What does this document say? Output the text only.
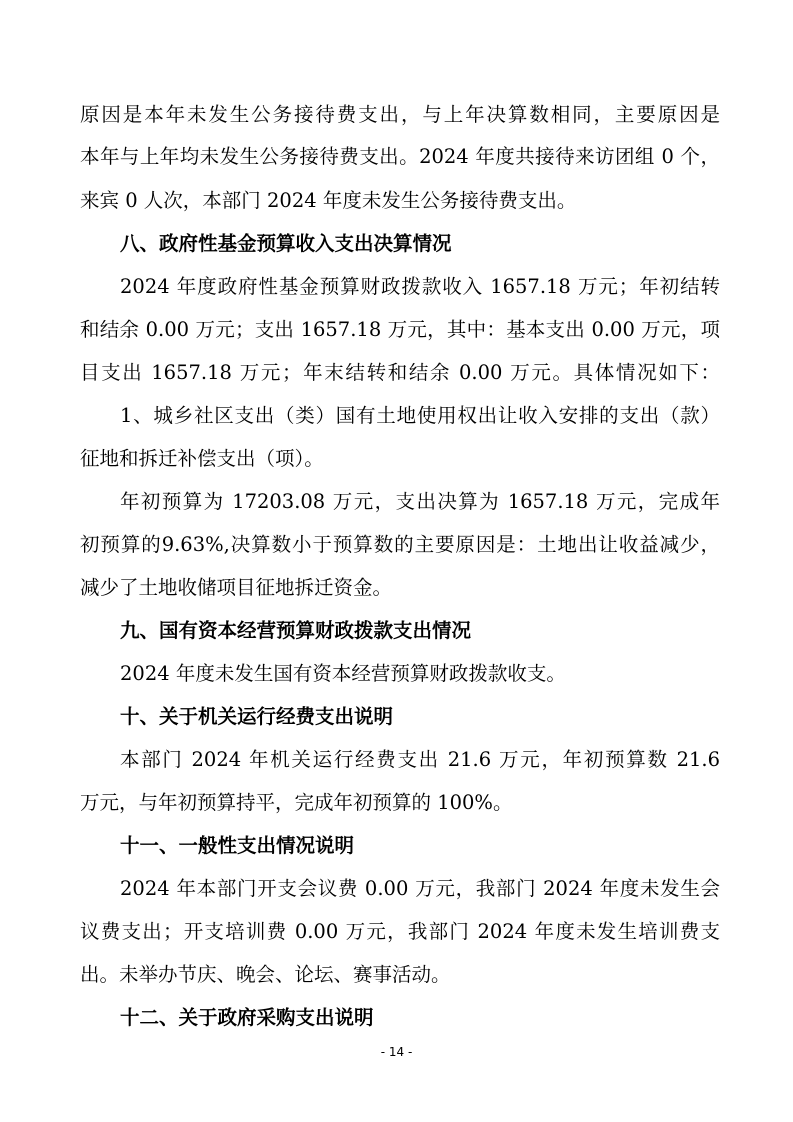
原因是本年未发生公务接待费支出，与上年决算数相同，主要原因是
本年与上年均未发生公务接待费支出。2024 年度共接待来访团组 0 个，
来宾 0 人次，本部门 2024 年度未发生公务接待费支出。
八、政府性基金预算收入支出决算情况
2024 年度政府性基金预算财政拨款收入 1657.18 万元；年初结转
和结余 0.00 万元；支出 1657.18 万元，其中：基本支出 0.00 万元，项
目支出 1657.18 万元；年末结转和结余 0.00 万元。具体情况如下：
1、城乡社区支出（类）国有土地使用权出让收入安排的支出（款）
征地和拆迁补偿支出（项）。
年初预算为 17203.08 万元，支出决算为 1657.18 万元，完成年
初预算的9.63%,决算数小于预算数的主要原因是：土地出让收益减少，
减少了土地收储项目征地拆迁资金。
九、国有资本经营预算财政拨款支出情况
2024 年度未发生国有资本经营预算财政拨款收支。
十、关于机关运行经费支出说明
本部门 2024 年机关运行经费支出 21.6 万元，年初预算数 21.6
万元，与年初预算持平，完成年初预算的 100%。
十一、一般性支出情况说明
2024 年本部门开支会议费 0.00 万元，我部门 2024 年度未发生会
议费支出；开支培训费 0.00 万元，我部门 2024 年度未发生培训费支
出。未举办节庆、晚会、论坛、赛事活动。
十二、关于政府采购支出说明
- 14 -
